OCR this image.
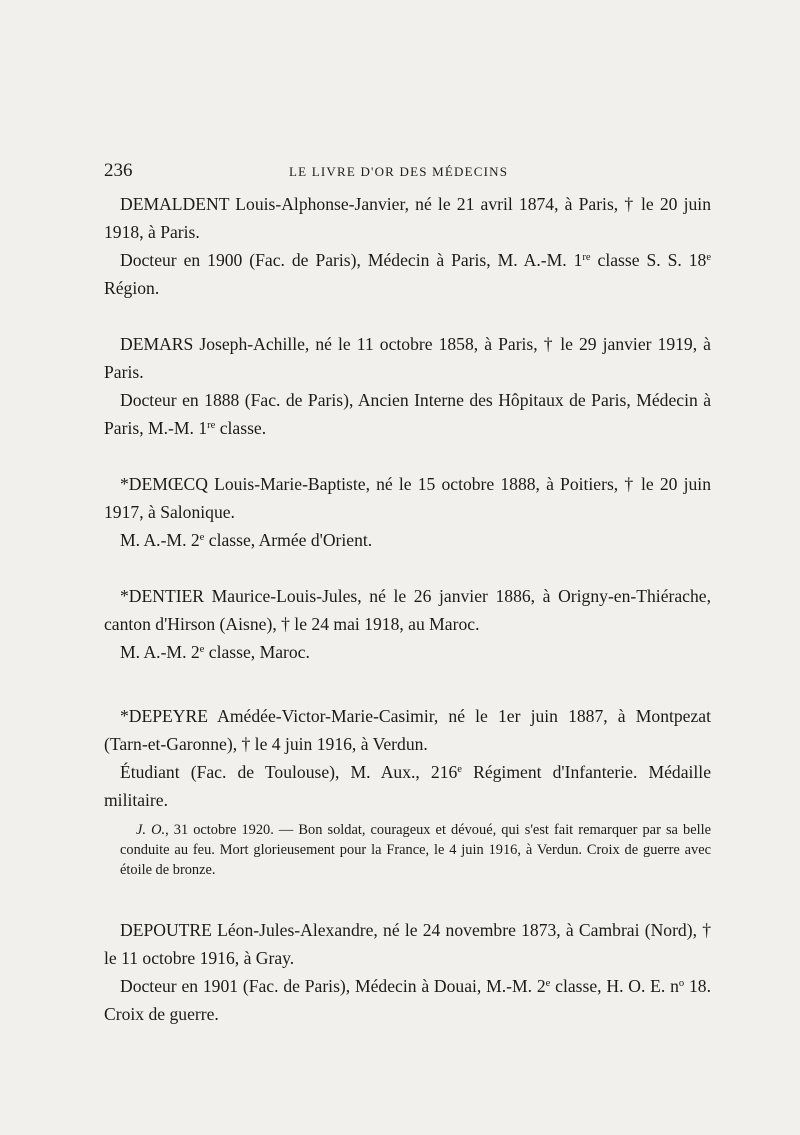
236	LE LIVRE D'OR DES MÉDECINS

DEMALDENT Louis-Alphonse-Janvier, né le 21 avril 1874, à Paris, † le 20 juin 1918, à Paris.

Docteur en 1900 (Fac. de Paris), Médecin à Paris, M. A.-M. 1re classe S. S. 18e Région.

DEMARS Joseph-Achille, né le 11 octobre 1858, à Paris, † le 29 janvier 1919, à Paris.

Docteur en 1888 (Fac. de Paris), Ancien Interne des Hôpitaux de Paris, Médecin à Paris, M.-M. 1re classe.

*DEMŒCQ Louis-Marie-Baptiste, né le 15 octobre 1888, à Poitiers, † le 20 juin 1917, à Salonique.

M. A.-M. 2e classe, Armée d'Orient.

*DENTIER Maurice-Louis-Jules, né le 26 janvier 1886, à Origny-en-Thiérache, canton d'Hirson (Aisne), † le 24 mai 1918, au Maroc.

M. A.-M. 2e classe, Maroc.

*DEPEYRE Amédée-Victor-Marie-Casimir, né le 1er juin 1887, à Montpezat (Tarn-et-Garonne), † le 4 juin 1916, à Verdun.

Étudiant (Fac. de Toulouse), M. Aux., 216e Régiment d'Infanterie. Médaille militaire.

J. O., 31 octobre 1920. — Bon soldat, courageux et dévoué, qui s'est fait remarquer par sa belle conduite au feu. Mort glorieusement pour la France, le 4 juin 1916, à Verdun. Croix de guerre avec étoile de bronze.

DEPOUTRE Léon-Jules-Alexandre, né le 24 novembre 1873, à Cambrai (Nord), † le 11 octobre 1916, à Gray.

Docteur en 1901 (Fac. de Paris), Médecin à Douai, M.-M. 2e classe, H. O. E. $n^o$ 18. Croix de guerre.
